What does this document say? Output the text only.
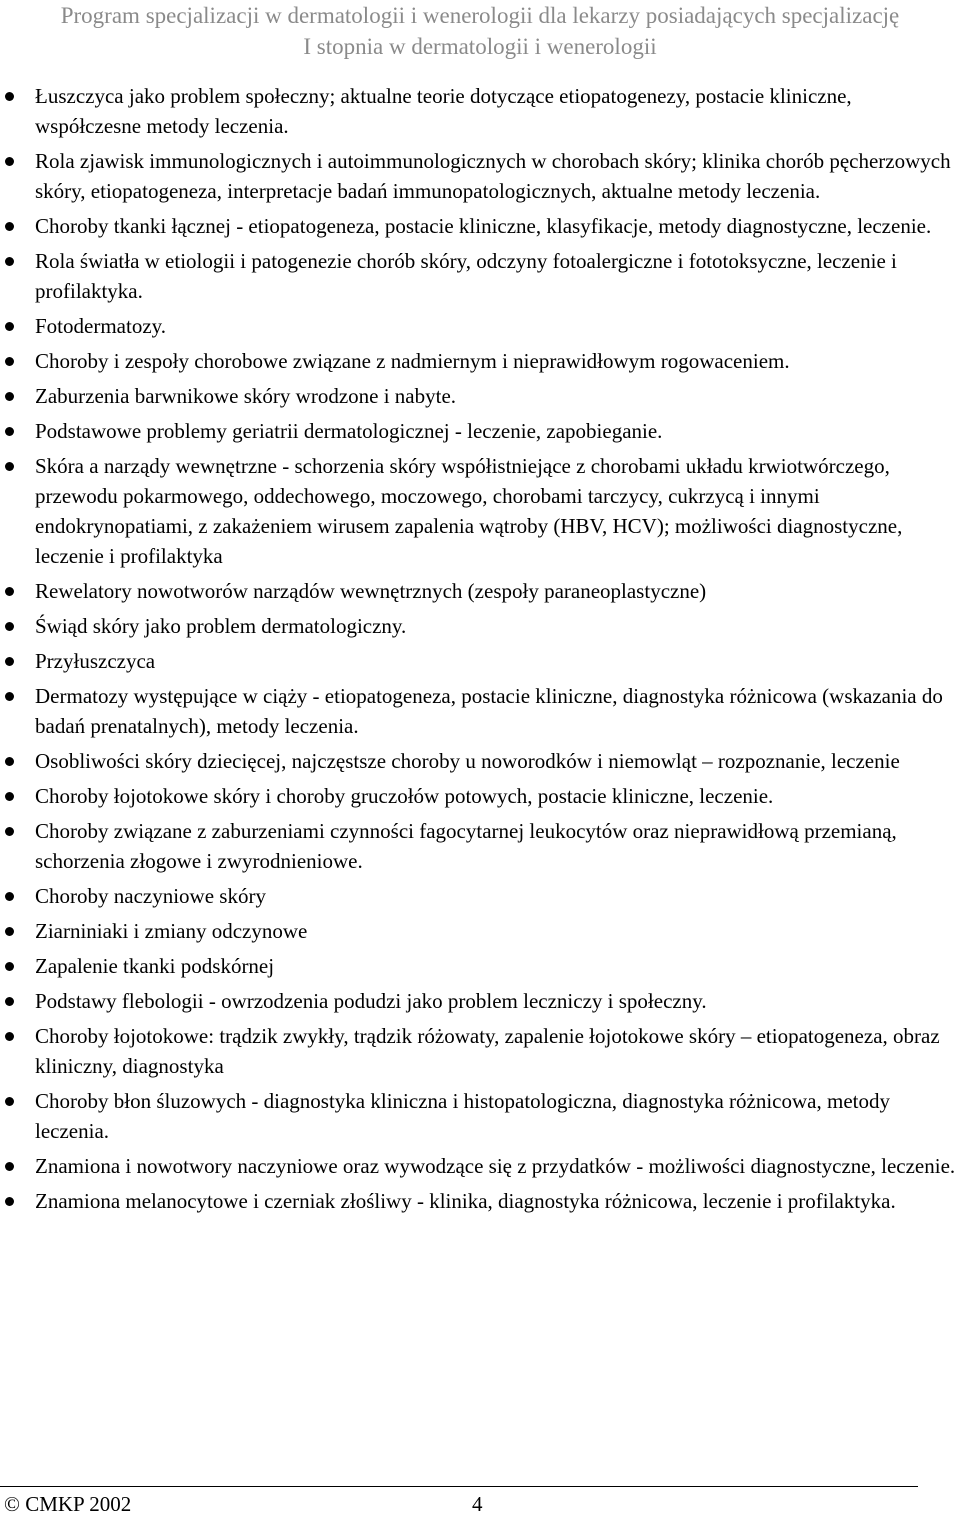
Program specjalizacji w dermatologii i wenerologii dla lekarzy posiadających specjalizację
I stopnia w dermatologii i wenerologii
Łuszczyca jako problem społeczny; aktualne teorie dotyczące etiopatogenezy, postacie kliniczne, współczesne metody leczenia.
Rola zjawisk immunologicznych i autoimmunologicznych w chorobach skóry; klinika chorób pęcherzowych skóry, etiopatogeneza, interpretacje badań immunopatologicznych, aktualne metody leczenia.
Choroby tkanki łącznej - etiopatogeneza, postacie kliniczne, klasyfikacje, metody diagnostyczne, leczenie.
Rola światła w etiologii i patogenezie chorób skóry, odczyny fotoalergiczne i fototoksyczne, leczenie i profilaktyka.
Fotodermatozy.
Choroby i zespoły chorobowe związane z nadmiernym i nieprawidłowym rogowaceniem.
Zaburzenia barwnikowe skóry wrodzone i nabyte.
Podstawowe problemy geriatrii dermatologicznej - leczenie, zapobieganie.
Skóra a narządy wewnętrzne - schorzenia skóry współistniejące z chorobami układu krwiotwórczego, przewodu pokarmowego, oddechowego, moczowego, chorobami tarczycy, cukrzycą i innymi endokrynopatiami, z zakażeniem wirusem zapalenia wątroby (HBV, HCV); możliwości diagnostyczne, leczenie i profilaktyka
Rewelatory nowotworów narządów wewnętrznych (zespoły paraneoplastyczne)
Świąd skóry jako problem dermatologiczny.
Przyłuszczyca
Dermatozy występujące w ciąży - etiopatogeneza, postacie kliniczne, diagnostyka różnicowa (wskazania do badań prenatalnych), metody leczenia.
Osobliwości skóry dziecięcej, najczęstsze choroby u noworodków i niemowląt – rozpoznanie, leczenie
Choroby łojotokowe skóry i choroby gruczołów potowych, postacie kliniczne, leczenie.
Choroby związane z zaburzeniami czynności fagocytarnej leukocytów oraz nieprawidłową przemianą, schorzenia złogowe i zwyrodnieniowe.
Choroby naczyniowe skóry
Ziarniniaki i zmiany odczynowe
Zapalenie tkanki podskórnej
Podstawy flebologii - owrzodzenia podudzi jako problem leczniczy i społeczny.
Choroby łojotokowe: trądzik zwykły, trądzik różowaty, zapalenie łojotokowe skóry – etiopatogeneza, obraz kliniczny, diagnostyka
Choroby błon śluzowych - diagnostyka kliniczna i histopatologiczna, diagnostyka różnicowa, metody leczenia.
Znamiona i nowotwory naczyniowe oraz wywodzące się z przydatków - możliwości diagnostyczne, leczenie.
Znamiona melanocytowe i czerniak złośliwy - klinika, diagnostyka różnicowa, leczenie i profilaktyka.
© CMKP 2002	4
